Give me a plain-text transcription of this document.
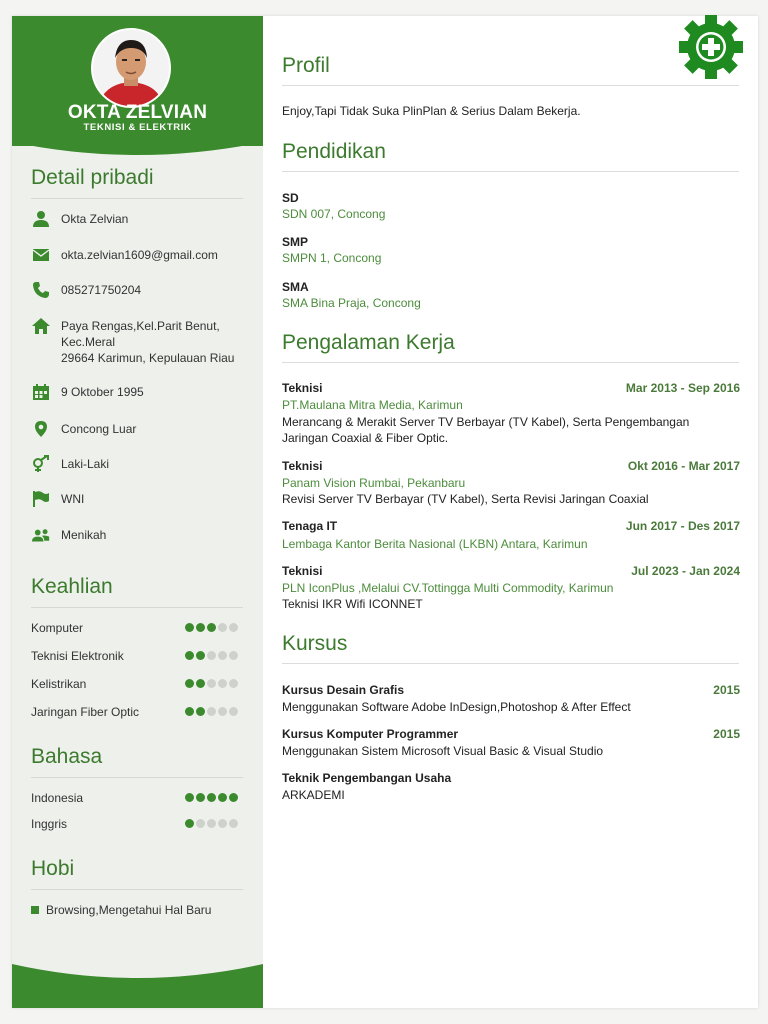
OKTA ZELVIAN
TEKNISI & ELEKTRIK
Detail pribadi
Okta Zelvian
okta.zelvian1609@gmail.com
085271750204
Paya Rengas,Kel.Parit Benut,
Kec.Meral
29664 Karimun, Kepulauan Riau
9 Oktober 1995
Concong Luar
Laki-Laki
WNI
Menikah
Keahlian
Komputer
Teknisi Elektronik
Kelistrikan
Jaringan Fiber Optic
Bahasa
Indonesia
Inggris
Hobi
Browsing,Mengetahui Hal Baru
Profil
Enjoy,Tapi Tidak Suka PlinPlan & Serius Dalam Bekerja.
Pendidikan
SD
SDN 007, Concong
SMP
SMPN 1, Concong
SMA
SMA Bina Praja, Concong
Pengalaman Kerja
Teknisi	Mar 2013 - Sep 2016
PT.Maulana Mitra Media, Karimun
Merancang & Merakit Server TV Berbayar (TV Kabel), Serta Pengembangan
Jaringan Coaxial & Fiber Optic.
Teknisi	Okt 2016 - Mar 2017
Panam Vision Rumbai, Pekanbaru
Revisi Server TV Berbayar (TV Kabel), Serta Revisi Jaringan Coaxial
Tenaga IT	Jun 2017 - Des 2017
Lembaga Kantor Berita Nasional (LKBN) Antara, Karimun
Teknisi	Jul 2023 - Jan 2024
PLN IconPlus ,Melalui CV.Tottingga Multi Commodity, Karimun
Teknisi IKR Wifi ICONNET
Kursus
Kursus Desain Grafis	2015
Menggunakan Software Adobe InDesign,Photoshop & After Effect
Kursus Komputer Programmer	2015
Menggunakan Sistem Microsoft Visual Basic & Visual Studio
Teknik Pengembangan Usaha
ARKADEMI
